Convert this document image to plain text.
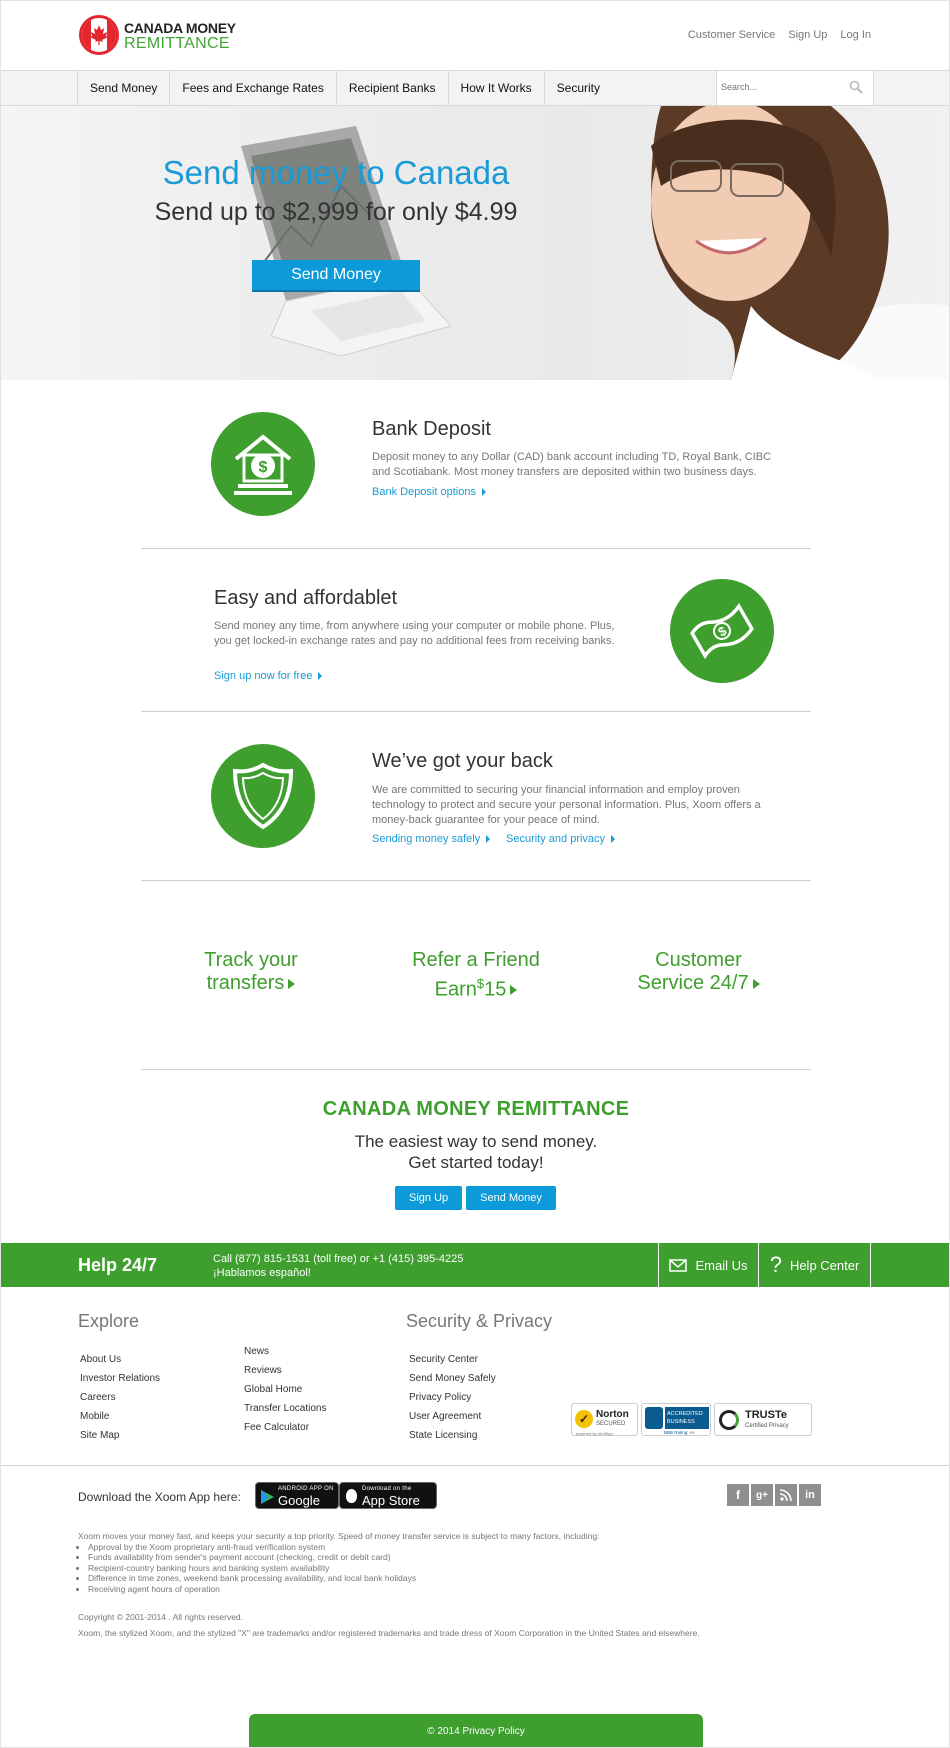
CANADA MONEY
REMITTANCE	Customer Service Sign Up Log In
Send Money	Fees and Exchange Rates	Recipient Banks	How It Works	Security
Search...
Send money to Canada
Send up to $2,999 for only $4.99
Send Money
$
Bank Deposit
Deposit money to any Dollar (CAD) bank account including TD, Royal Bank, CIBC and Scotiabank. Most money transfers are deposited within two business days.
Bank Deposit options
Easy and affordablet
Send money any time, from anywhere using your computer or mobile phone. Plus, you get locked-in exchange rates and pay no additional fees from receiving banks.
Sign up now for free
$
We’ve got your back
We are committed to securing your financial information and employ proven technology to protect and secure your personal information. Plus, Xoom offers a money-back guarantee for your peace of mind.
Sending money safely	Security and privacy
Track your
transfers
Refer a Friend
Earn$15
Customer
Service 24/7
CANADA MONEY REMITTANCE
The easiest way to send money.
Get started today!
Sign Up	Send Money
Help 24/7	Call (877) 815-1531 (toll free) or +1 (415) 395-4225
¡Hablamos español!
Email Us ? Help Center
Explore	Security & Privacy
About Us
Investor Relations
Careers
Mobile
Site Map
News
Reviews
Global Home
Transfer Locations
Fee Calculator
Security Center
Send Money Safely
Privacy Policy
User Agreement
State Licensing
✓ Norton
SECURED
powered by VeriSign
ACCREDITED
BUSINESS
BBB Rating: A+
TRUSTe
Certified Privacy
Download the Xoom App here:
ANDROID APP ON
Google play
Download on the
App Store	f	g+	in
Xoom moves your money fast, and keeps your security a top priority. Speed of money transfer service is subject to many factors, including:
• Approval by the Xoom proprietary anti-fraud verification system
• Funds availability from sender's payment account (checking, credit or debit card)
• Recipient-country banking hours and banking system availability
• Difference in time zones, weekend bank processing availability, and local bank holidays
• Receiving agent hours of operation
Copyright © 2001-2014 . All rights reserved.
Xoom, the stylized Xoom, and the stylized "X" are trademarks and/or registered trademarks and trade dress of Xoom Corporation in the United States and elsewhere.
© 2014 Privacy Policy
